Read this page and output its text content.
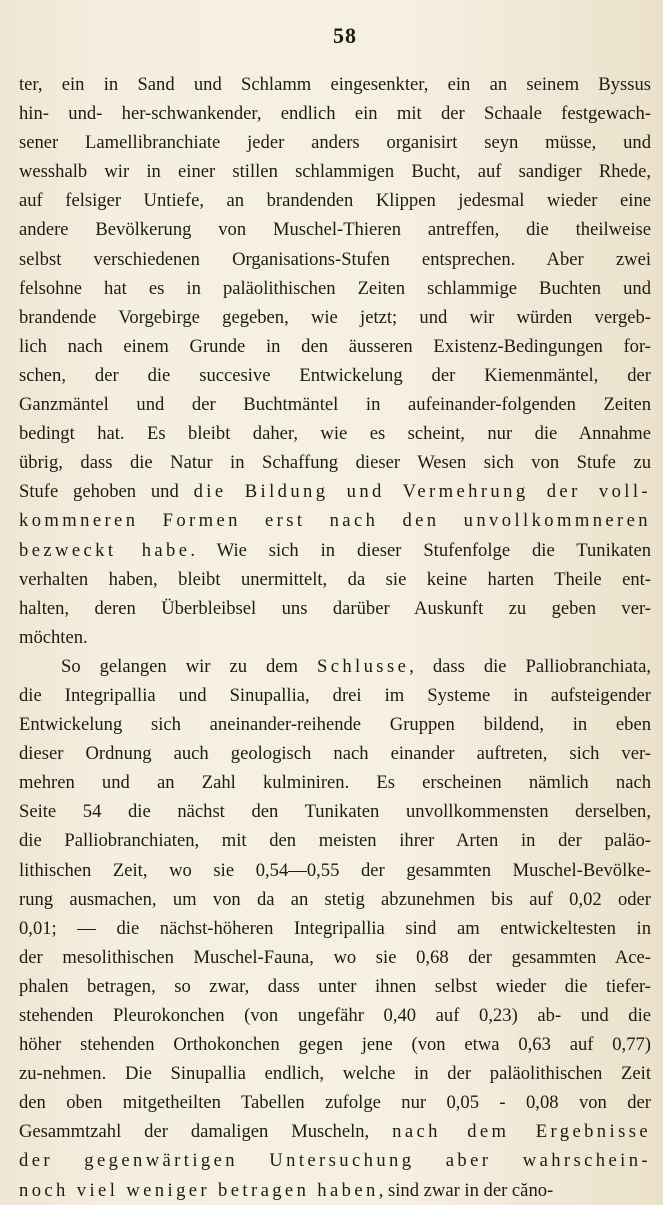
58
ter, ein in Sand und Schlamm eingesenkter, ein an seinem Byssus
hin- und- her-schwankender, endlich ein mit der Schaale festgewach-
sener Lamellibranchiate jeder anders organisirt seyn müsse, und
wesshalb wir in einer stillen schlammigen Bucht, auf sandiger Rhede,
auf felsiger Untiefe, an brandenden Klippen jedesmal wieder eine
andere Bevölkerung von Muschel-Thieren antreffen, die theilweise
selbst verschiedenen Organisations-Stufen entsprechen. Aber zwei
felsohne hat es in paläolithischen Zeiten schlammige Buchten und
brandende Vorgebirge gegeben, wie jetzt; und wir würden vergeb-
lich nach einem Grunde in den äusseren Existenz-Bedingungen for-
schen, der die succesive Entwickelung der Kiemenmäntel, der
Ganzmäntel und der Buchtmäntel in aufeinander-folgenden Zeiten
bedingt hat. Es bleibt daher, wie es scheint, nur die Annahme
übrig, dass die Natur in Schaffung dieser Wesen sich von Stufe zu
Stufe gehoben und die Bildung und Vermehrung der voll-
kommneren Formen erst nach den unvollkommneren
bezweckt habe. Wie sich in dieser Stufenfolge die Tunikaten
verhalten haben, bleibt unermittelt, da sie keine harten Theile ent-
halten, deren Überbleibsel uns darüber Auskunft zu geben ver-
möchten.
So gelangen wir zu dem Schlusse, dass die Palliobranchiata,
die Integripallia und Sinupallia, drei im Systeme in aufsteigender
Entwickelung sich aneinander-reihende Gruppen bildend, in eben
dieser Ordnung auch geologisch nach einander auftreten, sich ver-
mehren und an Zahl kulminiren. Es erscheinen nämlich nach
Seite 54 die nächst den Tunikaten unvollkommensten derselben,
die Palliobranchiaten, mit den meisten ihrer Arten in der paläo-
lithischen Zeit, wo sie 0,54—0,55 der gesammten Muschel-Bevölke-
rung ausmachen, um von da an stetig abzunehmen bis auf 0,02 oder
0,01; — die nächst-höheren Integripallia sind am entwickeltesten in
der mesolithischen Muschel-Fauna, wo sie 0,68 der gesammten Ace-
phalen betragen, so zwar, dass unter ihnen selbst wieder die tiefer-
stehenden Pleurokonchen (von ungefähr 0,40 auf 0,23) ab- und die
höher stehenden Orthokonchen gegen jene (von etwa 0,63 auf 0,77)
zu-nehmen. Die Sinupallia endlich, welche in der paläolithischen Zeit
den oben mitgetheilten Tabellen zufolge nur 0,05 - 0,08 von der
Gesammtzahl der damaligen Muscheln, nach dem Ergebnisse
der gegenwärtigen Untersuchung aber wahrschein-
noch viel weniger betragen haben, sind zwar in der căno-
